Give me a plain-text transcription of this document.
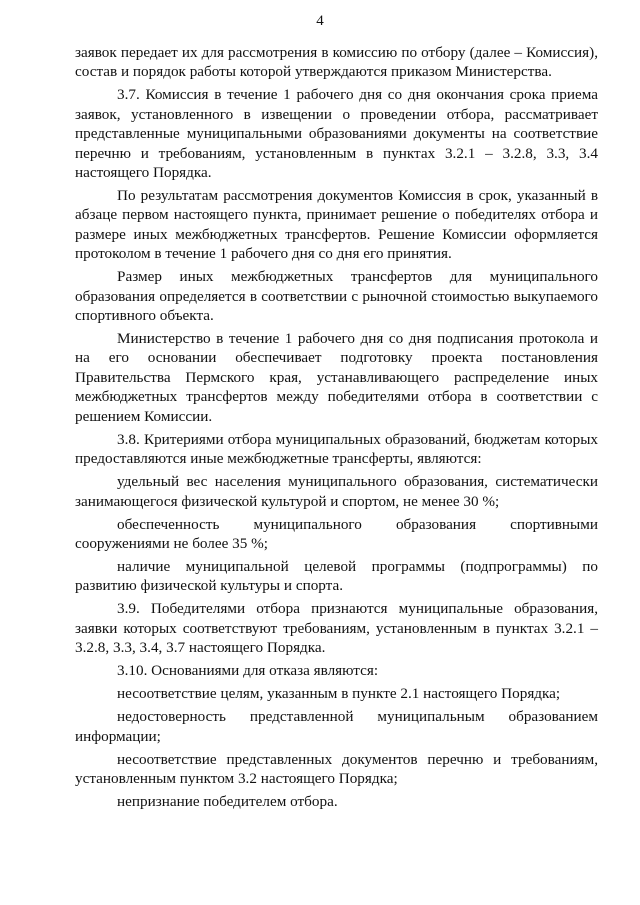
4

заявок передает их для рассмотрения в комиссию по отбору (далее – Комиссия), состав и порядок работы которой утверждаются приказом Министерства.

3.7. Комиссия в течение 1 рабочего дня со дня окончания срока приема заявок, установленного в извещении о проведении отбора, рассматривает представленные муниципальными образованиями документы на соответствие перечню и требованиям, установленным в пунктах 3.2.1 – 3.2.8, 3.3, 3.4 настоящего Порядка.

По результатам рассмотрения документов Комиссия в срок, указанный в абзаце первом настоящего пункта, принимает решение о победителях отбора и размере иных межбюджетных трансфертов. Решение Комиссии оформляется протоколом в течение 1 рабочего дня со дня его принятия.

Размер иных межбюджетных трансфертов для муниципального образования определяется в соответствии с рыночной стоимостью выкупаемого спортивного объекта.

Министерство в течение 1 рабочего дня со дня подписания протокола и на его основании обеспечивает подготовку проекта постановления Правительства Пермского края, устанавливающего распределение иных межбюджетных трансфертов между победителями отбора в соответствии с решением Комиссии.

3.8. Критериями отбора муниципальных образований, бюджетам которых предоставляются иные межбюджетные трансферты, являются:

удельный вес населения муниципального образования, систематически занимающегося физической культурой и спортом, не менее 30 %;

обеспеченность муниципального образования спортивными сооружениями не более 35 %;

наличие муниципальной целевой программы (подпрограммы) по развитию физической культуры и спорта.

3.9. Победителями отбора признаются муниципальные образования, заявки которых соответствуют требованиям, установленным в пунктах 3.2.1 – 3.2.8, 3.3, 3.4, 3.7 настоящего Порядка.

3.10. Основаниями для отказа являются:

несоответствие целям, указанным в пункте 2.1 настоящего Порядка;

недостоверность представленной муниципальным образованием информации;

несоответствие представленных документов перечню и требованиям, установленным пунктом 3.2 настоящего Порядка;

непризнание победителем отбора.
